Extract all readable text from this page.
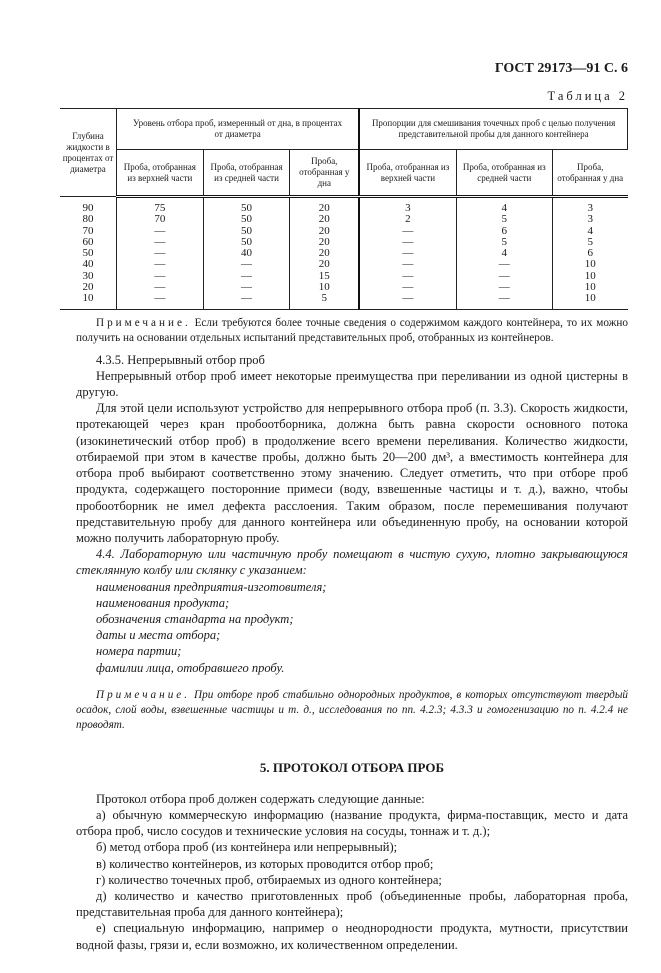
ГОСТ 29173—91 С. 6

Таблица 2

Глубина жидкости в процентах от диаметра	Уровень отбора проб, измеренный от дна, в процентах от диаметра			Пропорции для смешивания точечных проб с целью получения представительной пробы для данного контейнера		
	Проба, отобранная из верхней части	Проба, отобранная из средней части	Проба, отобранная у дна	Проба, отобранная из верхней части	Проба, отобранная из средней части	Проба, отобранная у дна
90	75	50	20	3	4	3
80	70	50	20	2	5	3
70	—	50	20	—	6	4
60	—	50	20	—	5	5
50	—	40	20	—	4	6
40	—	—	20	—	—	10
30	—	—	15	—	—	10
20	—	—	10	—	—	10
10	—	—	5	—	—	10

Примечание. Если требуются более точные сведения о содержимом каждого контейнера, то их можно получить на основании отдельных испытаний представительных проб, отобранных из контейнеров.

4.3.5. Непрерывный отбор проб

Непрерывный отбор проб имеет некоторые преимущества при переливании из одной цистерны в другую.

Для этой цели используют устройство для непрерывного отбора проб (п. 3.3). Скорость жидкости, протекающей через кран пробоотборника, должна быть равна скорости основного потока (изокинетический отбор проб) в продолжение всего времени переливания. Количество жидкости, отбираемой при этом в качестве пробы, должно быть 20—200 дм³, а вместимость контейнера для отбора проб выбирают соответственно этому значению. Следует отметить, что при отборе проб продукта, содержащего посторонние примеси (воду, взвешенные частицы и т. д.), важно, чтобы пробоотборник не имел дефекта расслоения. Таким образом, после перемешивания получают представительную пробу для данного контейнера или объединенную пробу, на основании которой можно получить лабораторную пробу.

4.4. Лабораторную или частичную пробу помещают в чистую сухую, плотно закрывающуюся стеклянную колбу или склянку с указанием:

наименования предприятия-изготовителя;

наименования продукта;

обозначения стандарта на продукт;

даты и места отбора;

номера партии;

фамилии лица, отобравшего пробу.

Примечание. При отборе проб стабильно однородных продуктов, в которых отсутствуют твердый осадок, слой воды, взвешенные частицы и т. д., исследования по пп. 4.2.3; 4.3.3 и гомогенизацию по п. 4.2.4 не проводят.

5. ПРОТОКОЛ ОТБОРА ПРОБ

Протокол отбора проб должен содержать следующие данные:

а) обычную коммерческую информацию (название продукта, фирма-поставщик, место и дата отбора проб, число сосудов и технические условия на сосуды, тоннаж и т. д.);

б) метод отбора проб (из контейнера или непрерывный);

в) количество контейнеров, из которых проводится отбор проб;

г) количество точечных проб, отбираемых из одного контейнера;

д) количество и качество приготовленных проб (объединенные пробы, лабораторная проба, представительная проба для данного контейнера);

е) специальную информацию, например о неоднородности продукта, мутности, присутствии водной фазы, грязи и, если возможно, их количественном определении.
